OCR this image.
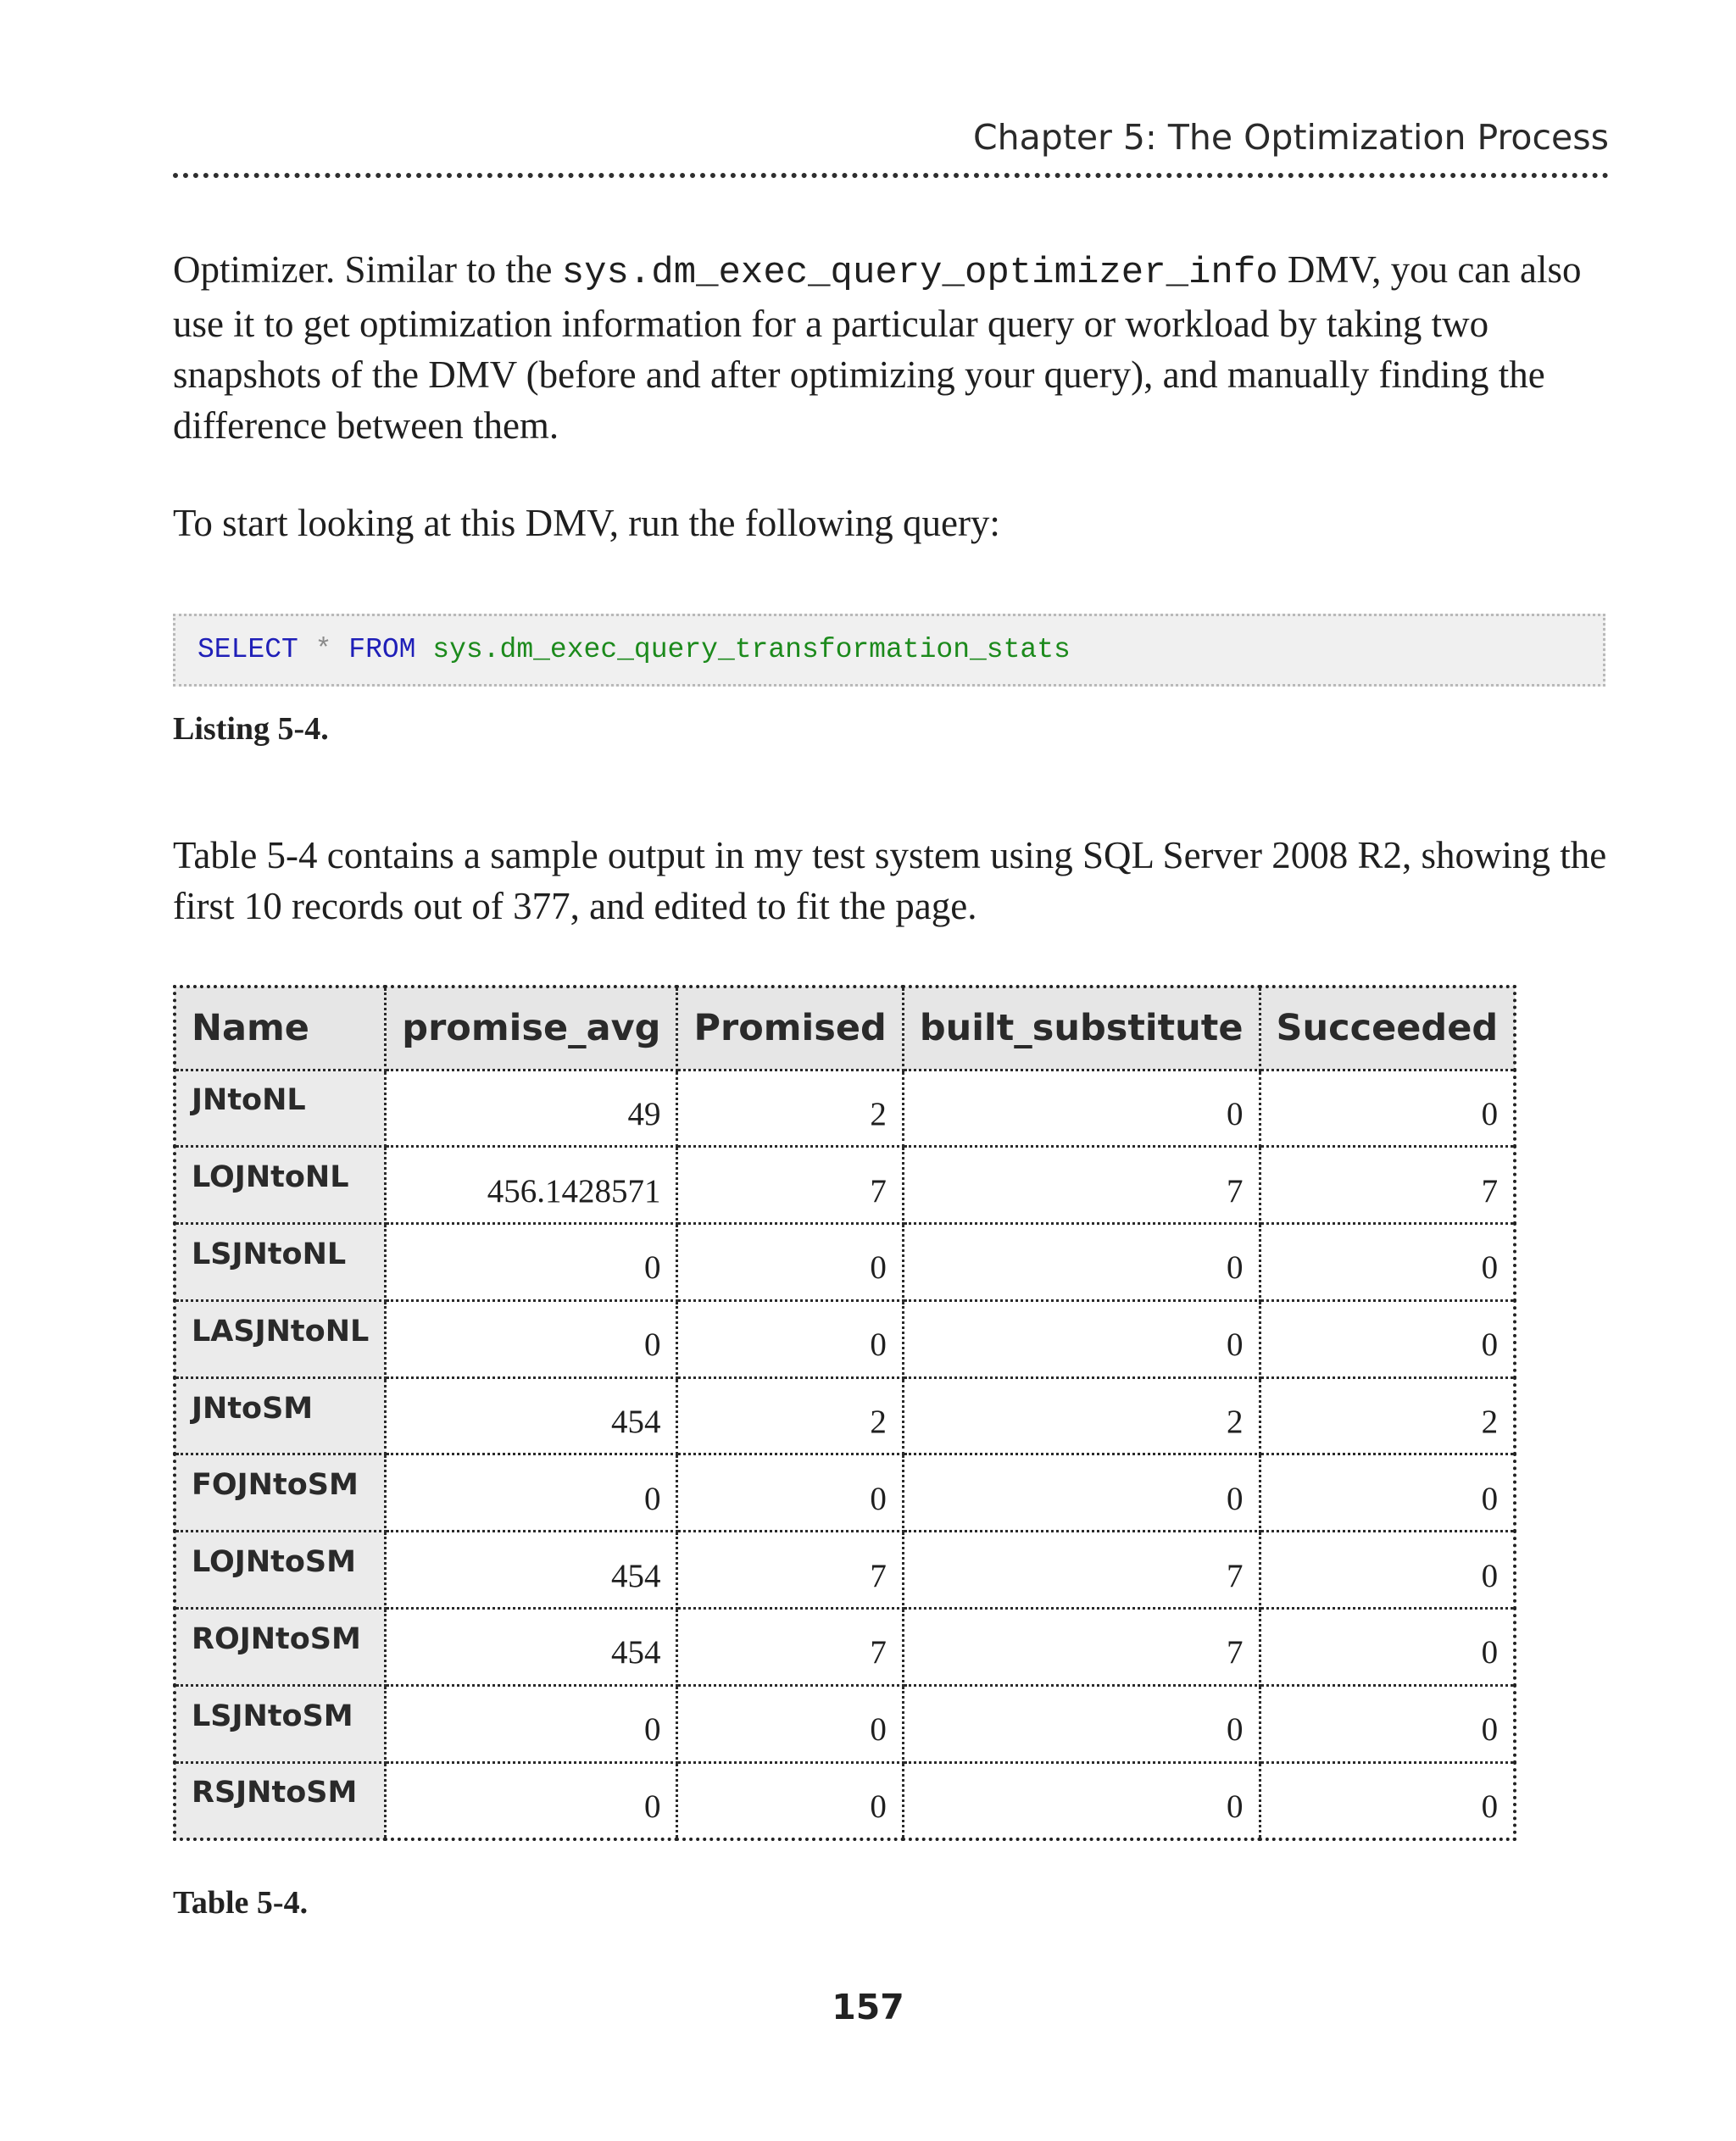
Chapter 5: The Optimization Process
Optimizer. Similar to the sys.dm_exec_query_optimizer_info DMV, you can also use it to get optimization information for a particular query or workload by taking two snapshots of the DMV (before and after optimizing your query), and manually finding the difference between them.
To start looking at this DMV, run the following query:
SELECT * FROM sys.dm_exec_query_transformation_stats
Listing 5-4.
Table 5-4 contains a sample output in my test system using SQL Server 2008 R2, showing the first 10 records out of 377, and edited to fit the page.
Name	promise_avg	Promised	built_substitute	Succeeded
JNtoNL	49	2	0	0
LOJNtoNL	456.1428571	7	7	7
LSJNtoNL	0	0	0	0
LASJNtoNL	0	0	0	0
JNtoSM	454	2	2	2
FOJNtoSM	0	0	0	0
LOJNtoSM	454	7	7	0
ROJNtoSM	454	7	7	0
LSJNtoSM	0	0	0	0
RSJNtoSM	0	0	0	0
Table 5-4.
157
